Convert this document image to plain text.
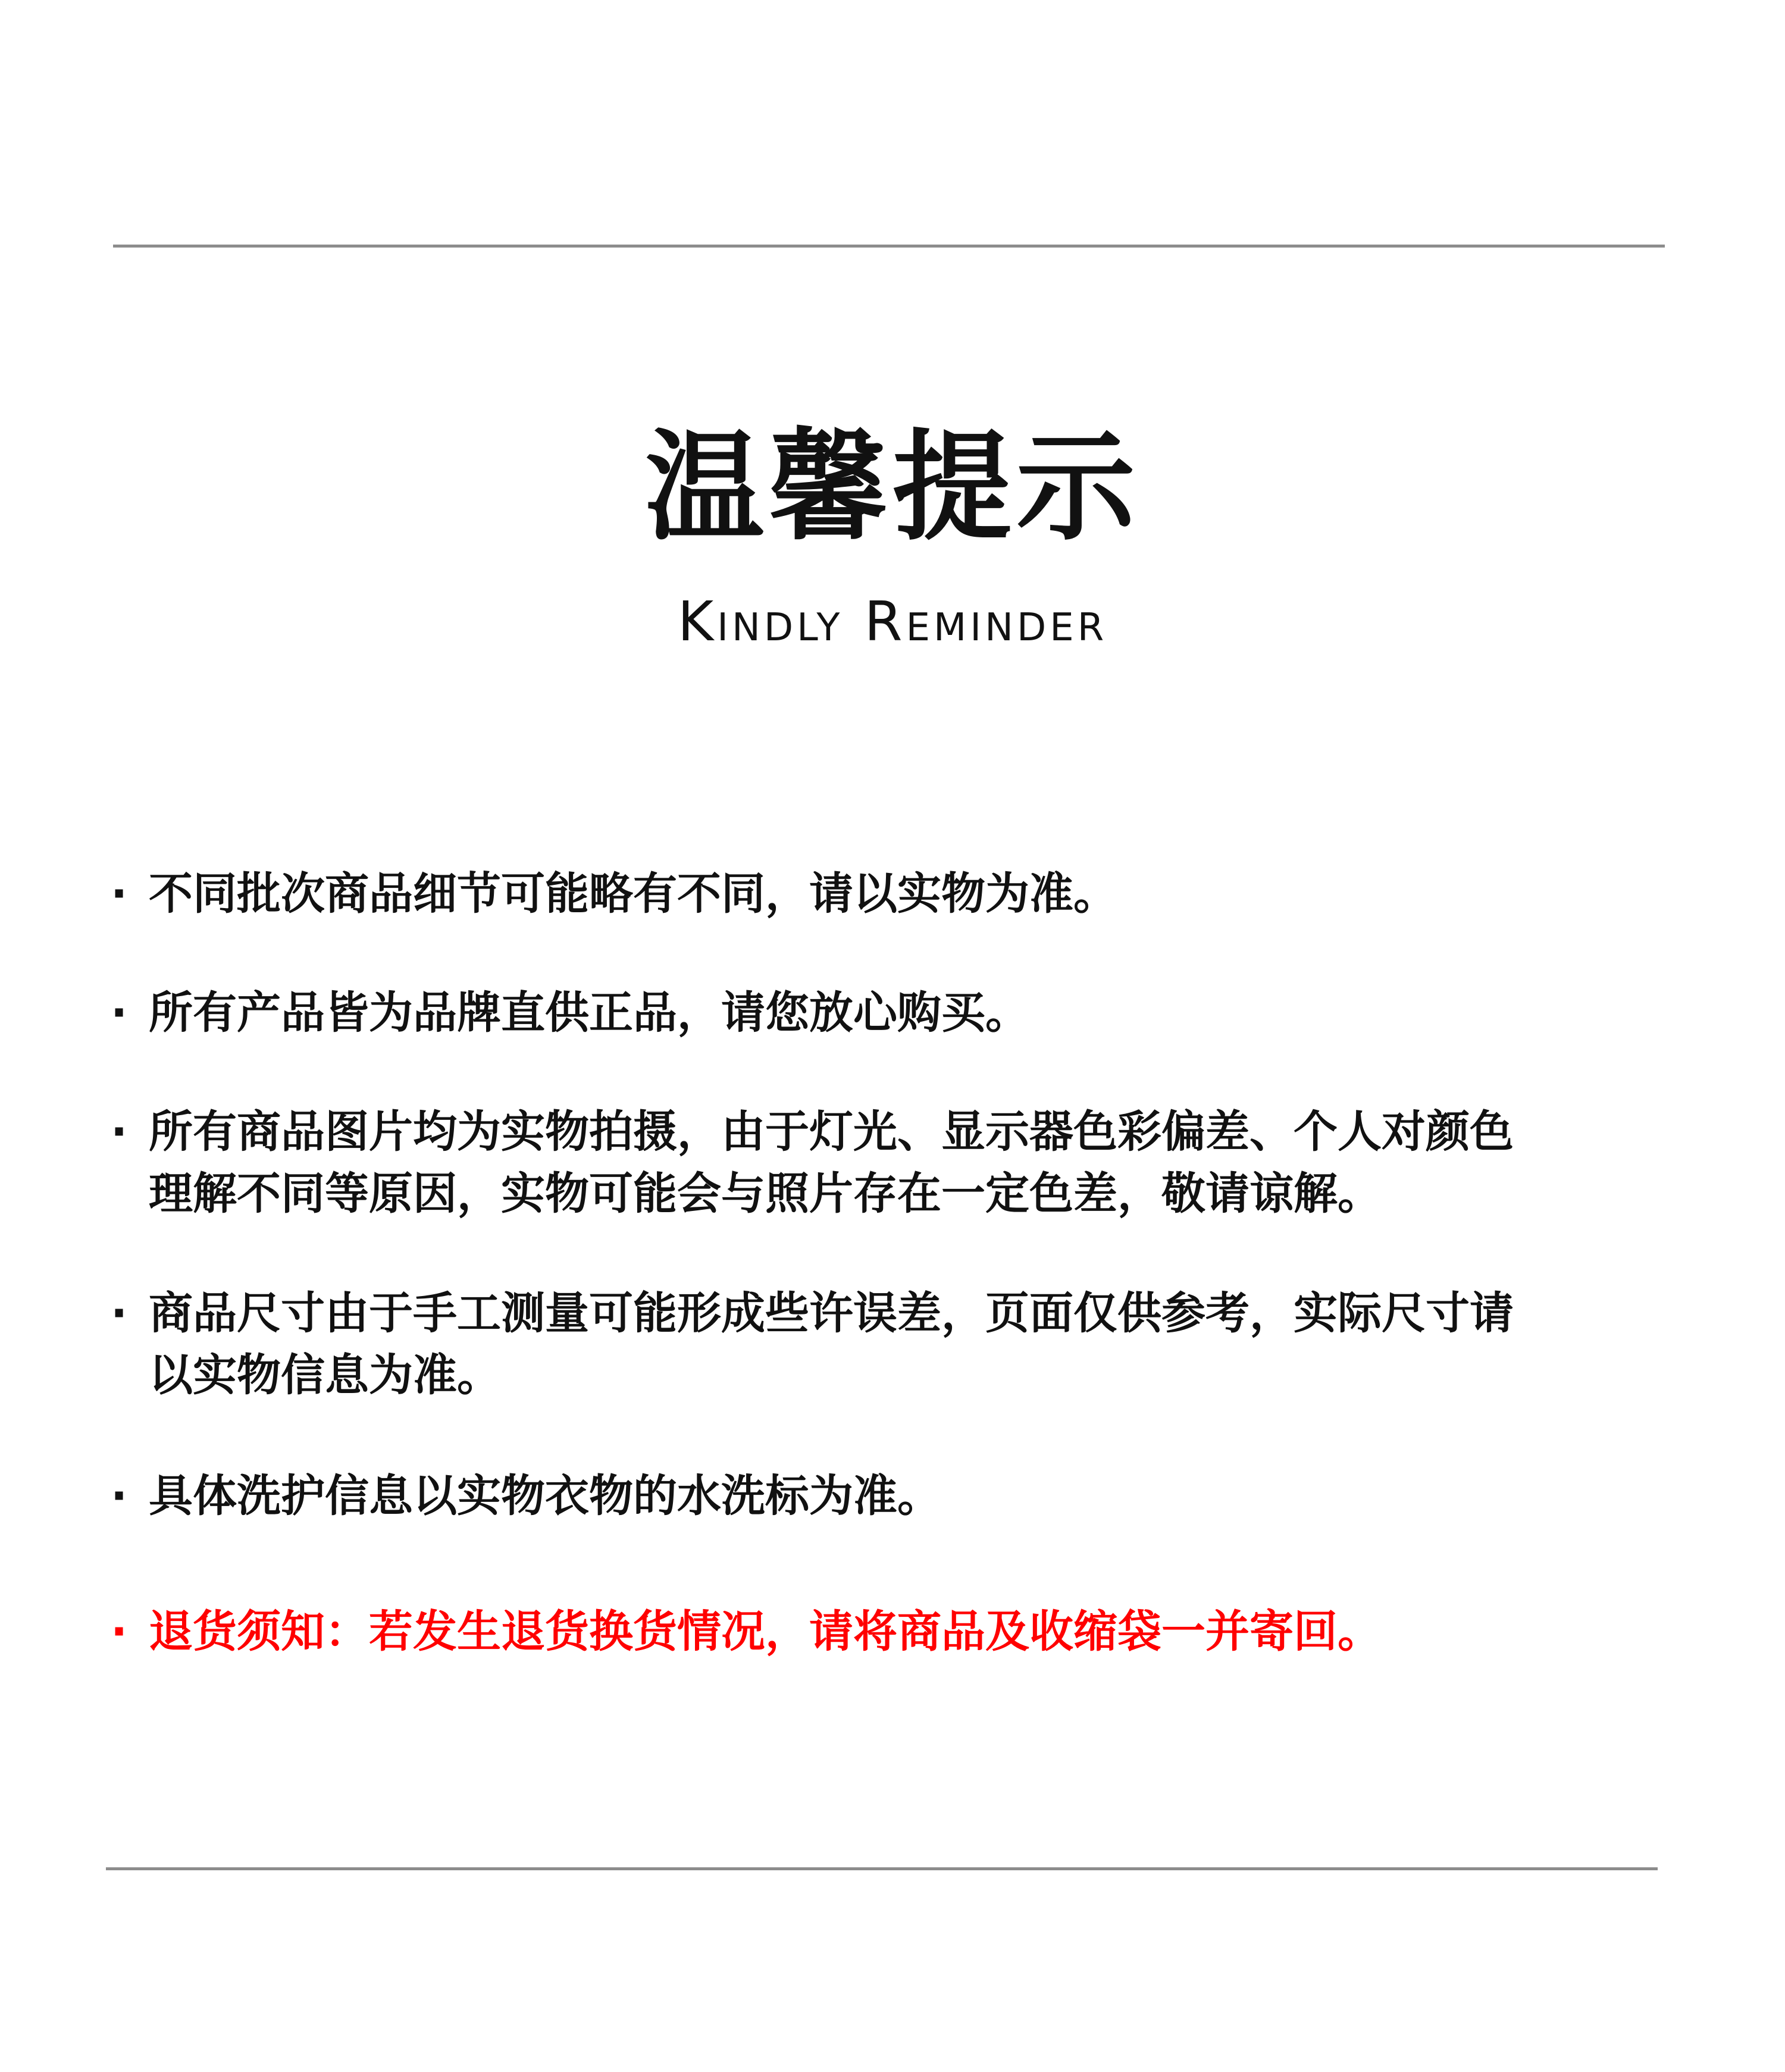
温馨提示
Kindly Reminder
· 不同批次商品细节可能略有不同，请以实物为准。
· 所有产品皆为品牌直供正品，请您放心购买。
· 所有商品图片均为实物拍摄，由于灯光、显示器色彩偏差、个人对颜色
理解不同等原因，实物可能会与照片存在一定色差，敬请谅解。
· 商品尺寸由于手工测量可能形成些许误差，页面仅供参考，实际尺寸请
以实物信息为准。
· 具体洗护信息以实物衣物的水洗标为准。
· 退货须知：若发生退货换货情况，请将商品及收缩袋一并寄回。
